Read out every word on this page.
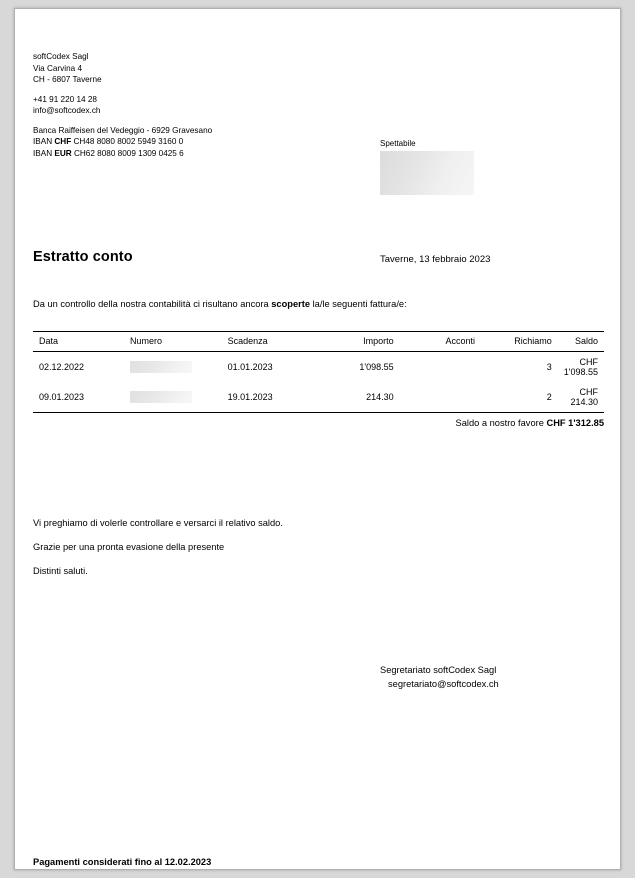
softCodex Sagl
Via Carvina 4
CH - 6807 Taverne
+41 91 220 14 28
info@softcodex.ch
Banca Raiffeisen del Vedeggio - 6929 Gravesano
IBAN CHF CH48 8080 8002 5949 3160 0
IBAN EUR CH62 8080 8009 1309 0425 6
Spettabile
Estratto conto	Taverne, 13 febbraio 2023
Da un controllo della nostra contabilità ci risultano ancora scoperte la/le seguenti fattura/e:
Data	Numero	Scadenza	Importo	Acconti	Richiamo	Saldo
02.12.2022		01.01.2023	1'098.55		3	CHF 1'098.55
09.01.2023		19.01.2023	214.30		2	CHF 214.30
Saldo a nostro favore CHF 1'312.85
Vi preghiamo di volerle controllare e versarci il relativo saldo.
Grazie per una pronta evasione della presente
Distinti saluti.
Segretariato softCodex Sagl
segretariato@softcodex.ch
Pagamenti considerati fino al 12.02.2023
